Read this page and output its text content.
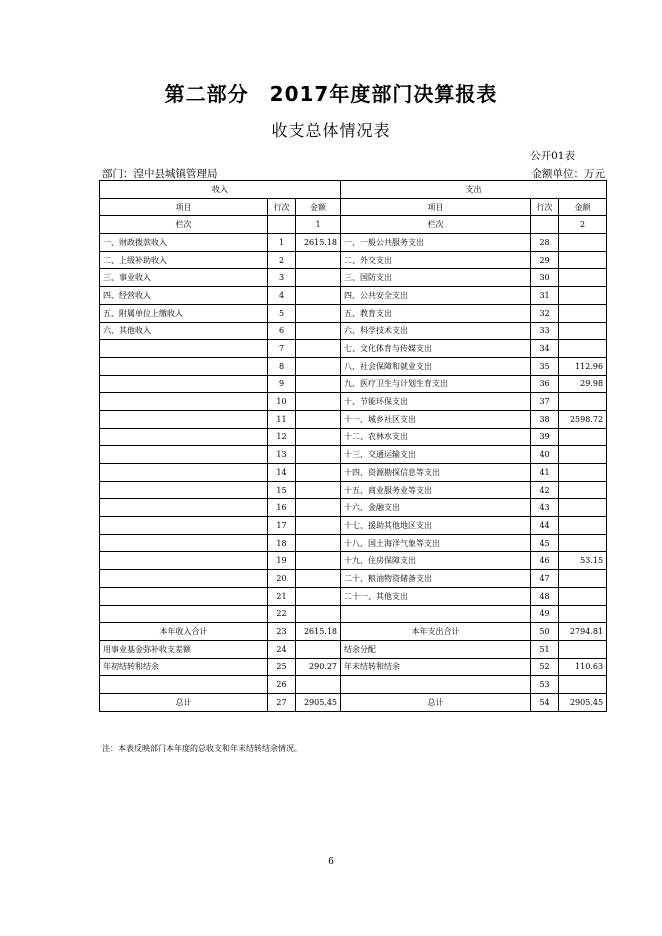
第二部分　2017年度部门决算报表
收支总体情况表
公开01表
部门：湟中县城镇管理局	金额单位：万元
收入			支出		
项目	行次	金额	项目	行次	金额
栏次		1	栏次		2
一、财政拨款收入	1	2615.18	一、一般公共服务支出	28	
二、上级补助收入	2		二、外交支出	29	
三、事业收入	3		三、国防支出	30	
四、经营收入	4		四、公共安全支出	31	
五、附属单位上缴收入	5		五、教育支出	32	
六、其他收入	6		六、科学技术支出	33	
	7		七、文化体育与传媒支出	34	
	8		八、社会保障和就业支出	35	112.96
	9		九、医疗卫生与计划生育支出	36	29.98
	10		十、节能环保支出	37	
	11		十一、城乡社区支出	38	2598.72
	12		十二、农林水支出	39	
	13		十三、交通运输支出	40	
	14		十四、资源勘探信息等支出	41	
	15		十五、商业服务业等支出	42	
	16		十六、金融支出	43	
	17		十七、援助其他地区支出	44	
	18		十八、国土海洋气象等支出	45	
	19		十九、住房保障支出	46	53.15
	20		二十、粮油物资储备支出	47	
	21		二十一、其他支出	48	
	22			49	
本年收入合计	23	2615.18	本年支出合计	50	2794.81
用事业基金弥补收支差额	24		结余分配	51	
年初结转和结余	25	290.27	年末结转和结余	52	110.63
	26			53	
总计	27	2905.45	总计	54	2905.45
注：本表反映部门本年度的总收支和年末结转结余情况。
6
